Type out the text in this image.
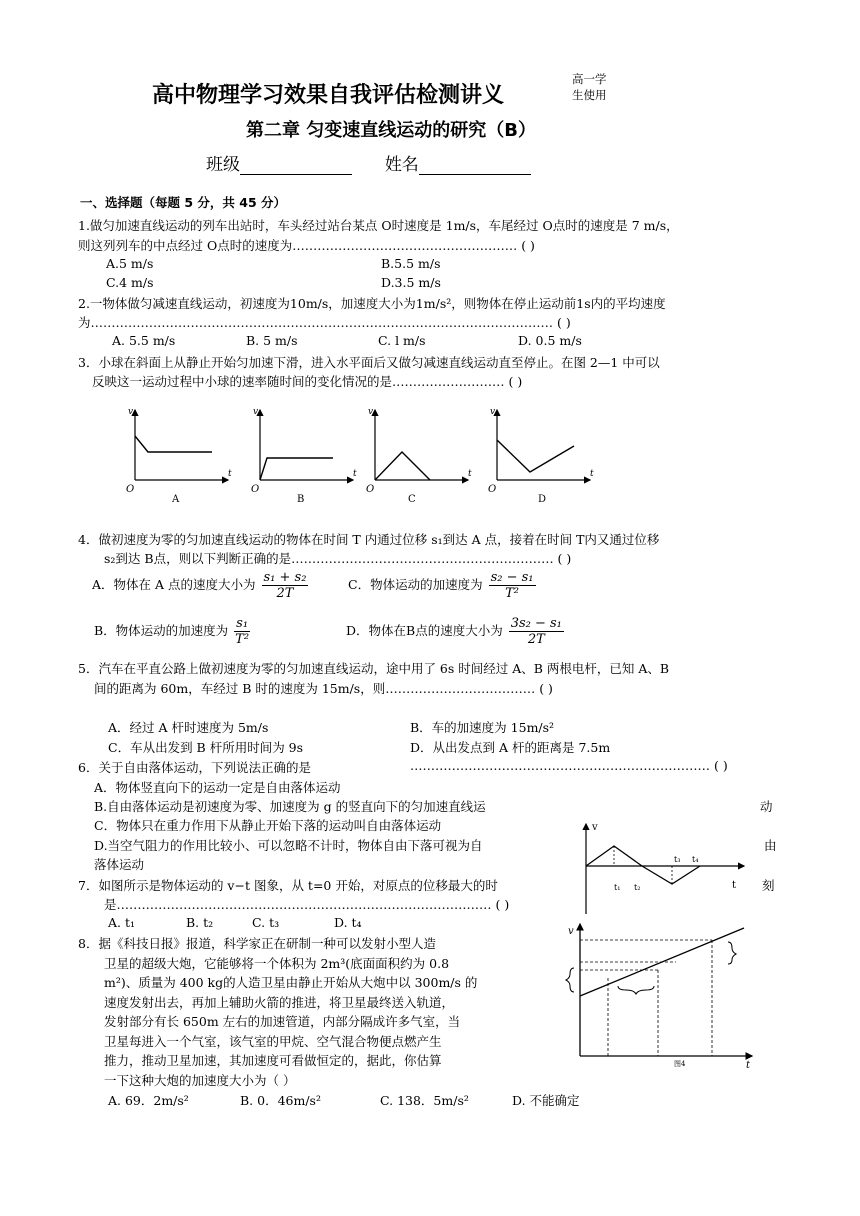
高中物理学习效果自我评估检测讲义
高一学
生使用
第二章 匀变速直线运动的研究（B）
班级	姓名
一、选择题（每题 5 分，共 45 分）
1.做匀加速直线运动的列车出站时，车头经过站台某点 O时速度是 1m/s，车尾经过 O点时的速度是 7 m/s，
则这列列车的中点经过 O点时的速度为……………………………………………… ( )
A.5 m/s	B.5.5 m/s
C.4 m/s	D.3.5 m/s
2.一物体做匀减速直线运动，初速度为10m/s，加速度大小为1m/s²，则物体在停止运动前1s内的平均速度
为………………………………………………………………………………………………… ( )
A. 5.5 m/s	B. 5 m/s	C. l m/s	D. 0.5 m/s
3．小球在斜面上从静止开始匀加速下滑，进入水平面后又做匀减速直线运动直至停止。在图 2—1 中可以
反映这一运动过程中小球的速率随时间的变化情况的是……………………… ( )
v
t
O
A
v
t
O
B
v
t
O
C
v
t
O
D
4．做初速度为零的匀加速直线运动的物体在时间 T 内通过位移 s₁到达 A 点，接着在时间 T内又通过位移
s₂到达 B点，则以下判断正确的是……………………………………………………… ( )
A．物体在 A 点的速度大小为 $\frac{\text{s₁ + s₂}}{2T}$	C．物体运动的加速度为 $\frac{\text{s₂ − s₁}}{\text{T²}}$
B．物体运动的加速度为 $\frac{\text{s₁}}{\text{T²}}$	D．物体在B点的速度大小为 $\frac{\text{3s₂ − s₁}}{2T}$
5．汽车在平直公路上做初速度为零的匀加速直线运动，途中用了 6s 时间经过 A、B 两根电杆，已知 A、B
间的距离为 60m，车经过 B 时的速度为 15m/s，则……………………………… ( )
A．经过 A 杆时速度为 5m/s	B．车的加速度为 15m/s²
C．车从出发到 B 杆所用时间为 9s	D．从出发点到 A 杆的距离是 7.5m
6．关于自由落体运动，下列说法正确的是	……………………………………………………………… ( )
A．物体竖直向下的运动一定是自由落体运动
B.自由落体运动是初速度为零、加速度为 g 的竖直向下的匀加速直线运	动
C．物体只在重力作用下从静止开始下落的运动叫自由落体运动
D.当空气阻力的作用比较小、可以忽略不计时，物体自由下落可视为自	由
落体运动
v
t
t₁ t₂
t₃ t₄
7．如图所示是物体运动的 v−t 图象，从 t=0 开始，对原点的位移最大的时	刻
是……………………………………………………………………………… ( )
A. t₁	B. t₂	C. t₃	D. t₄
8．据《科技日报》报道，科学家正在研制一种可以发射小型人造
卫星的超级大炮，它能够将一个体积为 2m³(底面面积约为 0.8
m²)、质量为 400 kg的人造卫星由静止开始从大炮中以 300m/s 的
速度发射出去，再加上辅助火箭的推进，将卫星最终送入轨道，
发射部分有长 650m 左右的加速管道，内部分隔成许多气室，当
卫星每进入一个气室，该气室的甲烷、空气混合物便点燃产生
推力，推动卫星加速，其加速度可看做恒定的，据此，你估算
一下这种大炮的加速度大小为（ ）
A. 69．2m/s²	B. 0．46m/s²	C. 138．5m/s²	D. 不能确定
v
t
图4
